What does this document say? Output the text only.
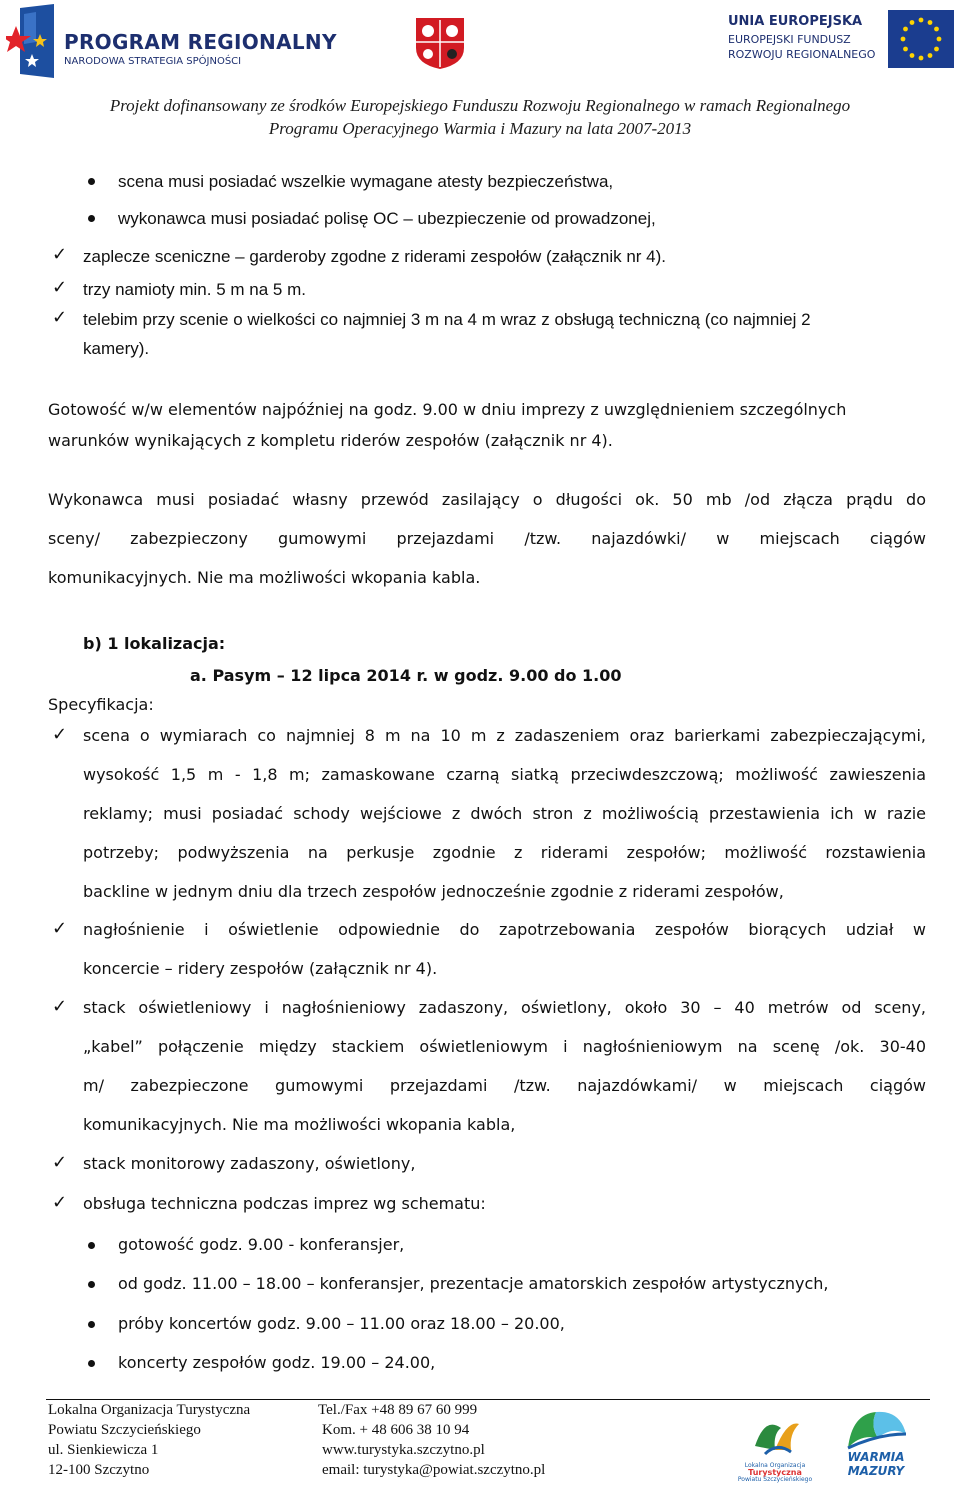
PROGRAM REGIONALNY
NARODOWA STRATEGIA SPÓJNOŚCI
UNIA EUROPEJSKA
EUROPEJSKI FUNDUSZ
ROZWOJU REGIONALNEGO
Projekt dofinansowany ze środków Europejskiego Funduszu Rozwoju Regionalnego w ramach Regionalnego
Programu Operacyjnego Warmia i Mazury na lata 2007-2013
scena musi posiadać wszelkie wymagane atesty bezpieczeństwa,
wykonawca musi posiadać polisę OC – ubezpieczenie od prowadzonej,
✓ zaplecze sceniczne – garderoby zgodne z riderami zespołów (załącznik nr 4).
✓ trzy namioty min. 5 m na 5 m.
✓ telebim przy scenie o wielkości co najmniej 3 m na 4 m wraz z obsługą techniczną (co najmniej 2
kamery).
Gotowość w/w elementów najpóźniej na godz. 9.00 w dniu imprezy z uwzględnieniem szczególnych
warunków wynikających z kompletu riderów zespołów (załącznik nr 4).
Wykonawca musi posiadać własny przewód zasilający o długości ok. 50 mb /od złącza prądu do
sceny/ zabezpieczony gumowymi przejazdami /tzw. najazdówki/ w miejscach ciągów
komunikacyjnych. Nie ma możliwości wkopania kabla.
b) 1 lokalizacja:
a. Pasym – 12 lipca 2014 r. w godz. 9.00 do 1.00
Specyfikacja:
✓ scena o wymiarach co najmniej 8 m na 10 m z zadaszeniem oraz barierkami zabezpieczającymi,
wysokość 1,5 m - 1,8 m; zamaskowane czarną siatką przeciwdeszczową; możliwość zawieszenia
reklamy; musi posiadać schody wejściowe z dwóch stron z możliwością przestawienia ich w razie
potrzeby; podwyższenia na perkusje zgodnie z riderami zespołów; możliwość rozstawienia
backline w jednym dniu dla trzech zespołów jednocześnie zgodnie z riderami zespołów,
✓ nagłośnienie i oświetlenie odpowiednie do zapotrzebowania zespołów biorących udział w
koncercie – ridery zespołów (załącznik nr 4).
✓ stack oświetleniowy i nagłośnieniowy zadaszony, oświetlony, około 30 – 40 metrów od sceny,
„kabel” połączenie między stackiem oświetleniowym i nagłośnieniowym na scenę /ok. 30-40
m/ zabezpieczone gumowymi przejazdami /tzw. najazdówkami/ w miejscach ciągów
komunikacyjnych. Nie ma możliwości wkopania kabla,
✓ stack monitorowy zadaszony, oświetlony,
✓ obsługa techniczna podczas imprez wg schematu:
gotowość godz. 9.00 - konferansjer,
od godz. 11.00 – 18.00 – konferansjer, prezentacje amatorskich zespołów artystycznych,
próby koncertów godz. 9.00 – 11.00 oraz 18.00 – 20.00,
koncerty zespołów godz. 19.00 – 24.00,
Lokalna Organizacja Turystyczna
Powiatu Szczycieńskiego
ul. Sienkiewicza 1
12-100 Szczytno
Tel./Fax +48 89 67 60 999
Kom. + 48 606 38 10 94
www.turystyka.szczytno.pl
email: turystyka@powiat.szczytno.pl	Lokalna Organizacja
Turystyczna
Powiatu Szczycieńskiego
WARMIA
MAZURY
